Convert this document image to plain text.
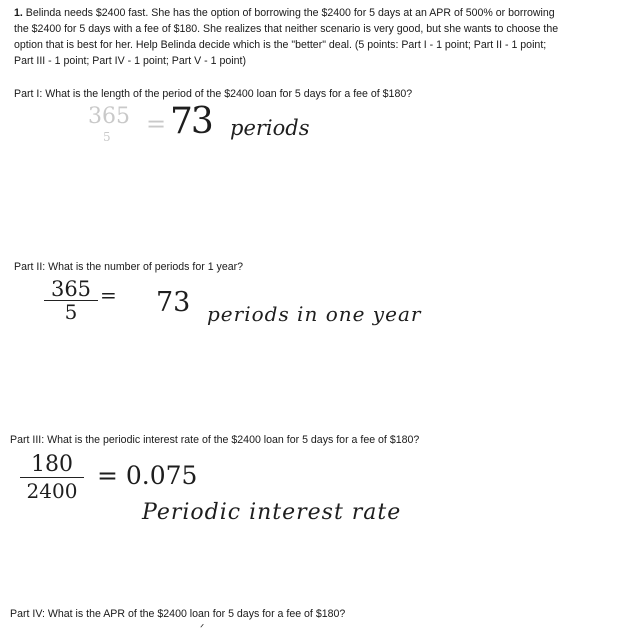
1. Belinda needs $2400 fast. She has the option of borrowing the $2400 for 5 days at an APR of 500% or borrowing the $2400 for 5 days with a fee of $180. She realizes that neither scenario is very good, but she wants to choose the option that is best for her. Help Belinda decide which is the "better" deal. (5 points: Part I - 1 point; Part II - 1 point; Part III - 1 point; Part IV - 1 point; Part V - 1 point)
Part I: What is the length of the period of the $2400 loan for 5 days for a fee of $180?
365
5 = 73 periods
Part II: What is the number of periods for 1 year?
$\frac{365}{5} = 73$ periods in one year
Part III: What is the periodic interest rate of the $2400 loan for 5 days for a fee of $180?
$\frac{180}{2400} = 0.075$
Periodic interest rate
Part IV: What is the APR of the $2400 loan for 5 days for a fee of $180?
ᐟ
